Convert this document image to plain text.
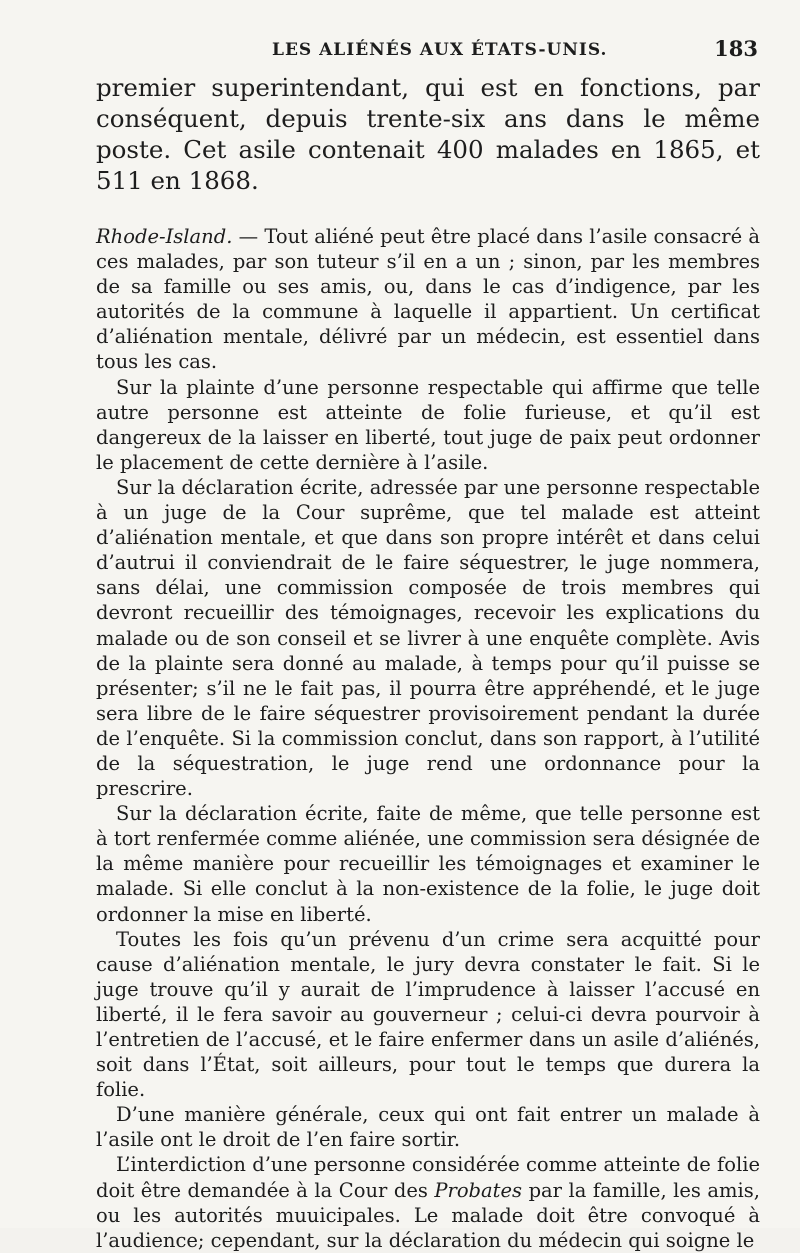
LES ALIÉNÉS AUX ÉTATS-UNIS.	183

premier superintendant, qui est en fonctions, par conséquent, depuis trente-six ans dans le même poste. Cet asile contenait 400 malades en 1865, et 511 en 1868.

Rhode-Island. — Tout aliéné peut être placé dans l’asile consacré à ces malades, par son tuteur s’il en a un ; sinon, par les membres de sa famille ou ses amis, ou, dans le cas d’indigence, par les autorités de la commune à laquelle il appartient. Un certificat d’aliénation mentale, délivré par un médecin, est essentiel dans tous les cas.

Sur la plainte d’une personne respectable qui affirme que telle autre personne est atteinte de folie furieuse, et qu’il est dangereux de la laisser en liberté, tout juge de paix peut ordonner le placement de cette dernière à l’asile.

Sur la déclaration écrite, adressée par une personne respectable à un juge de la Cour suprême, que tel malade est atteint d’aliénation mentale, et que dans son propre intérêt et dans celui d’autrui il conviendrait de le faire séquestrer, le juge nommera, sans délai, une commission composée de trois membres qui devront recueillir des témoignages, recevoir les explications du malade ou de son conseil et se livrer à une enquête complète. Avis de la plainte sera donné au malade, à temps pour qu’il puisse se présenter; s’il ne le fait pas, il pourra être appréhendé, et le juge sera libre de le faire séquestrer provisoirement pendant la durée de l’enquête. Si la commission conclut, dans son rapport, à l’utilité de la séquestration, le juge rend une ordonnance pour la prescrire.

Sur la déclaration écrite, faite de même, que telle personne est à tort renfermée comme aliénée, une commission sera désignée de la même manière pour recueillir les témoignages et examiner le malade. Si elle conclut à la non-existence de la folie, le juge doit ordonner la mise en liberté.

Toutes les fois qu’un prévenu d’un crime sera acquitté pour cause d’aliénation mentale, le jury devra constater le fait. Si le juge trouve qu’il y aurait de l’imprudence à laisser l’accusé en liberté, il le fera savoir au gouverneur ; celui-ci devra pourvoir à l’entretien de l’accusé, et le faire enfermer dans un asile d’aliénés, soit dans l’État, soit ailleurs, pour tout le temps que durera la folie.

D’une manière générale, ceux qui ont fait entrer un malade à l’asile ont le droit de l’en faire sortir.

L’interdiction d’une personne considérée comme atteinte de folie doit être demandée à la Cour des Probates par la famille, les amis, ou les autorités muuicipales. Le malade doit être convoqué à l’audience; cependant, sur la déclaration du médecin qui soigne le
